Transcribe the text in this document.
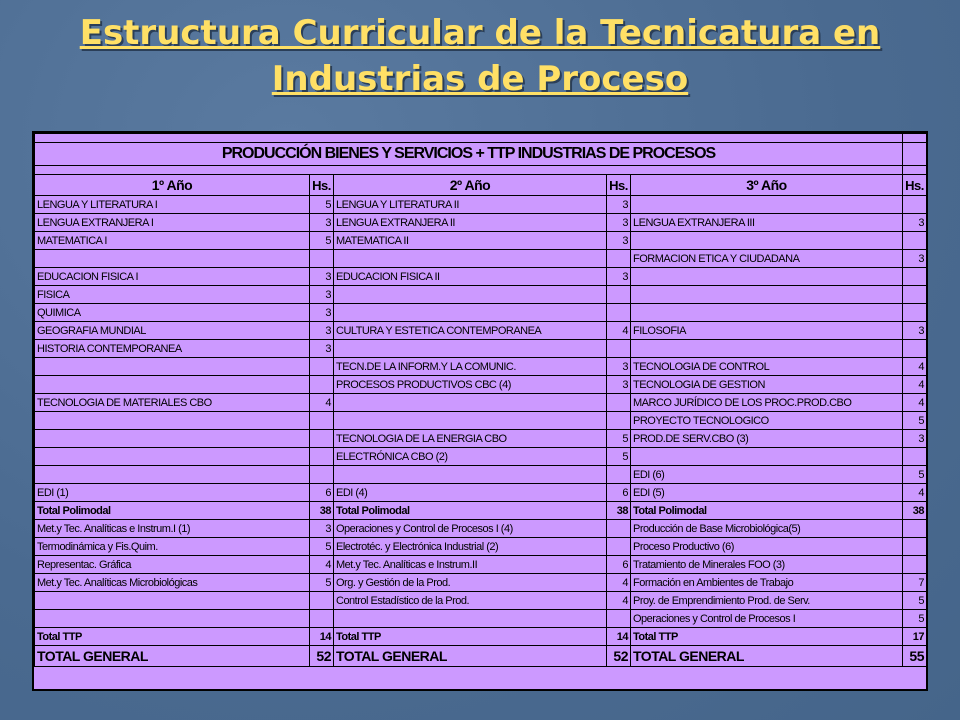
Estructura Curricular de la Tecnicatura en
Industrias de Proceso

PRODUCCIÓN BIENES Y SERVICIOS + TTP INDUSTRIAS DE PROCESOS					

1º Año	Hs.	2º Año	Hs.	3º Año	Hs.
LENGUA Y LITERATURA I	5	LENGUA Y LITERATURA II	3		
LENGUA EXTRANJERA I	3	LENGUA EXTRANJERA II	3	LENGUA EXTRANJERA III	3
MATEMATICA I	5	MATEMATICA II	3		
				FORMACION ETICA Y CIUDADANA	3
EDUCACION FISICA I	3	EDUCACION FISICA II	3		
FISICA	3				
QUIMICA	3				
GEOGRAFIA MUNDIAL	3	CULTURA Y ESTETICA CONTEMPORANEA	4	FILOSOFIA	3
HISTORIA CONTEMPORANEA	3				
		TECN.DE LA INFORM.Y LA COMUNIC.	3	TECNOLOGIA DE CONTROL	4
		PROCESOS PRODUCTIVOS CBC (4)	3	TECNOLOGIA DE GESTION	4
TECNOLOGIA DE MATERIALES CBO	4			MARCO JURÍDICO DE LOS PROC.PROD.CBO	4
				PROYECTO TECNOLOGICO	5
		TECNOLOGIA DE LA ENERGIA CBO	5	PROD.DE SERV.CBO (3)	3
		ELECTRÓNICA CBO (2)	5		
				EDI (6)	5
EDI (1)	6	EDI (4)	6	EDI (5)	4
Total Polimodal	38	Total Polimodal	38	Total Polimodal	38
Met.y Tec. Analíticas e Instrum.I (1)	3	Operaciones y Control de Procesos I (4)		Producción de Base Microbiológica(5)	
Termodinámica y Fis.Quim.	5	Electrotéc. y Electrónica Industrial (2)		Proceso Productivo (6)	
Representac. Gráfica	4	Met.y Tec. Analíticas e Instrum.II	6	Tratamiento de Minerales FOO (3)	
Met.y Tec. Analíticas Microbiológicas	5	Org. y Gestión de la Prod.	4	Formación en Ambientes de Trabajo	7
		Control Estadístico de la Prod.	4	Proy. de Emprendimiento Prod. de Serv.	5
				Operaciones y Control de Procesos I	5
Total TTP	14	Total TTP	14	Total TTP	17
TOTAL GENERAL	52	TOTAL GENERAL	52	TOTAL GENERAL	55
